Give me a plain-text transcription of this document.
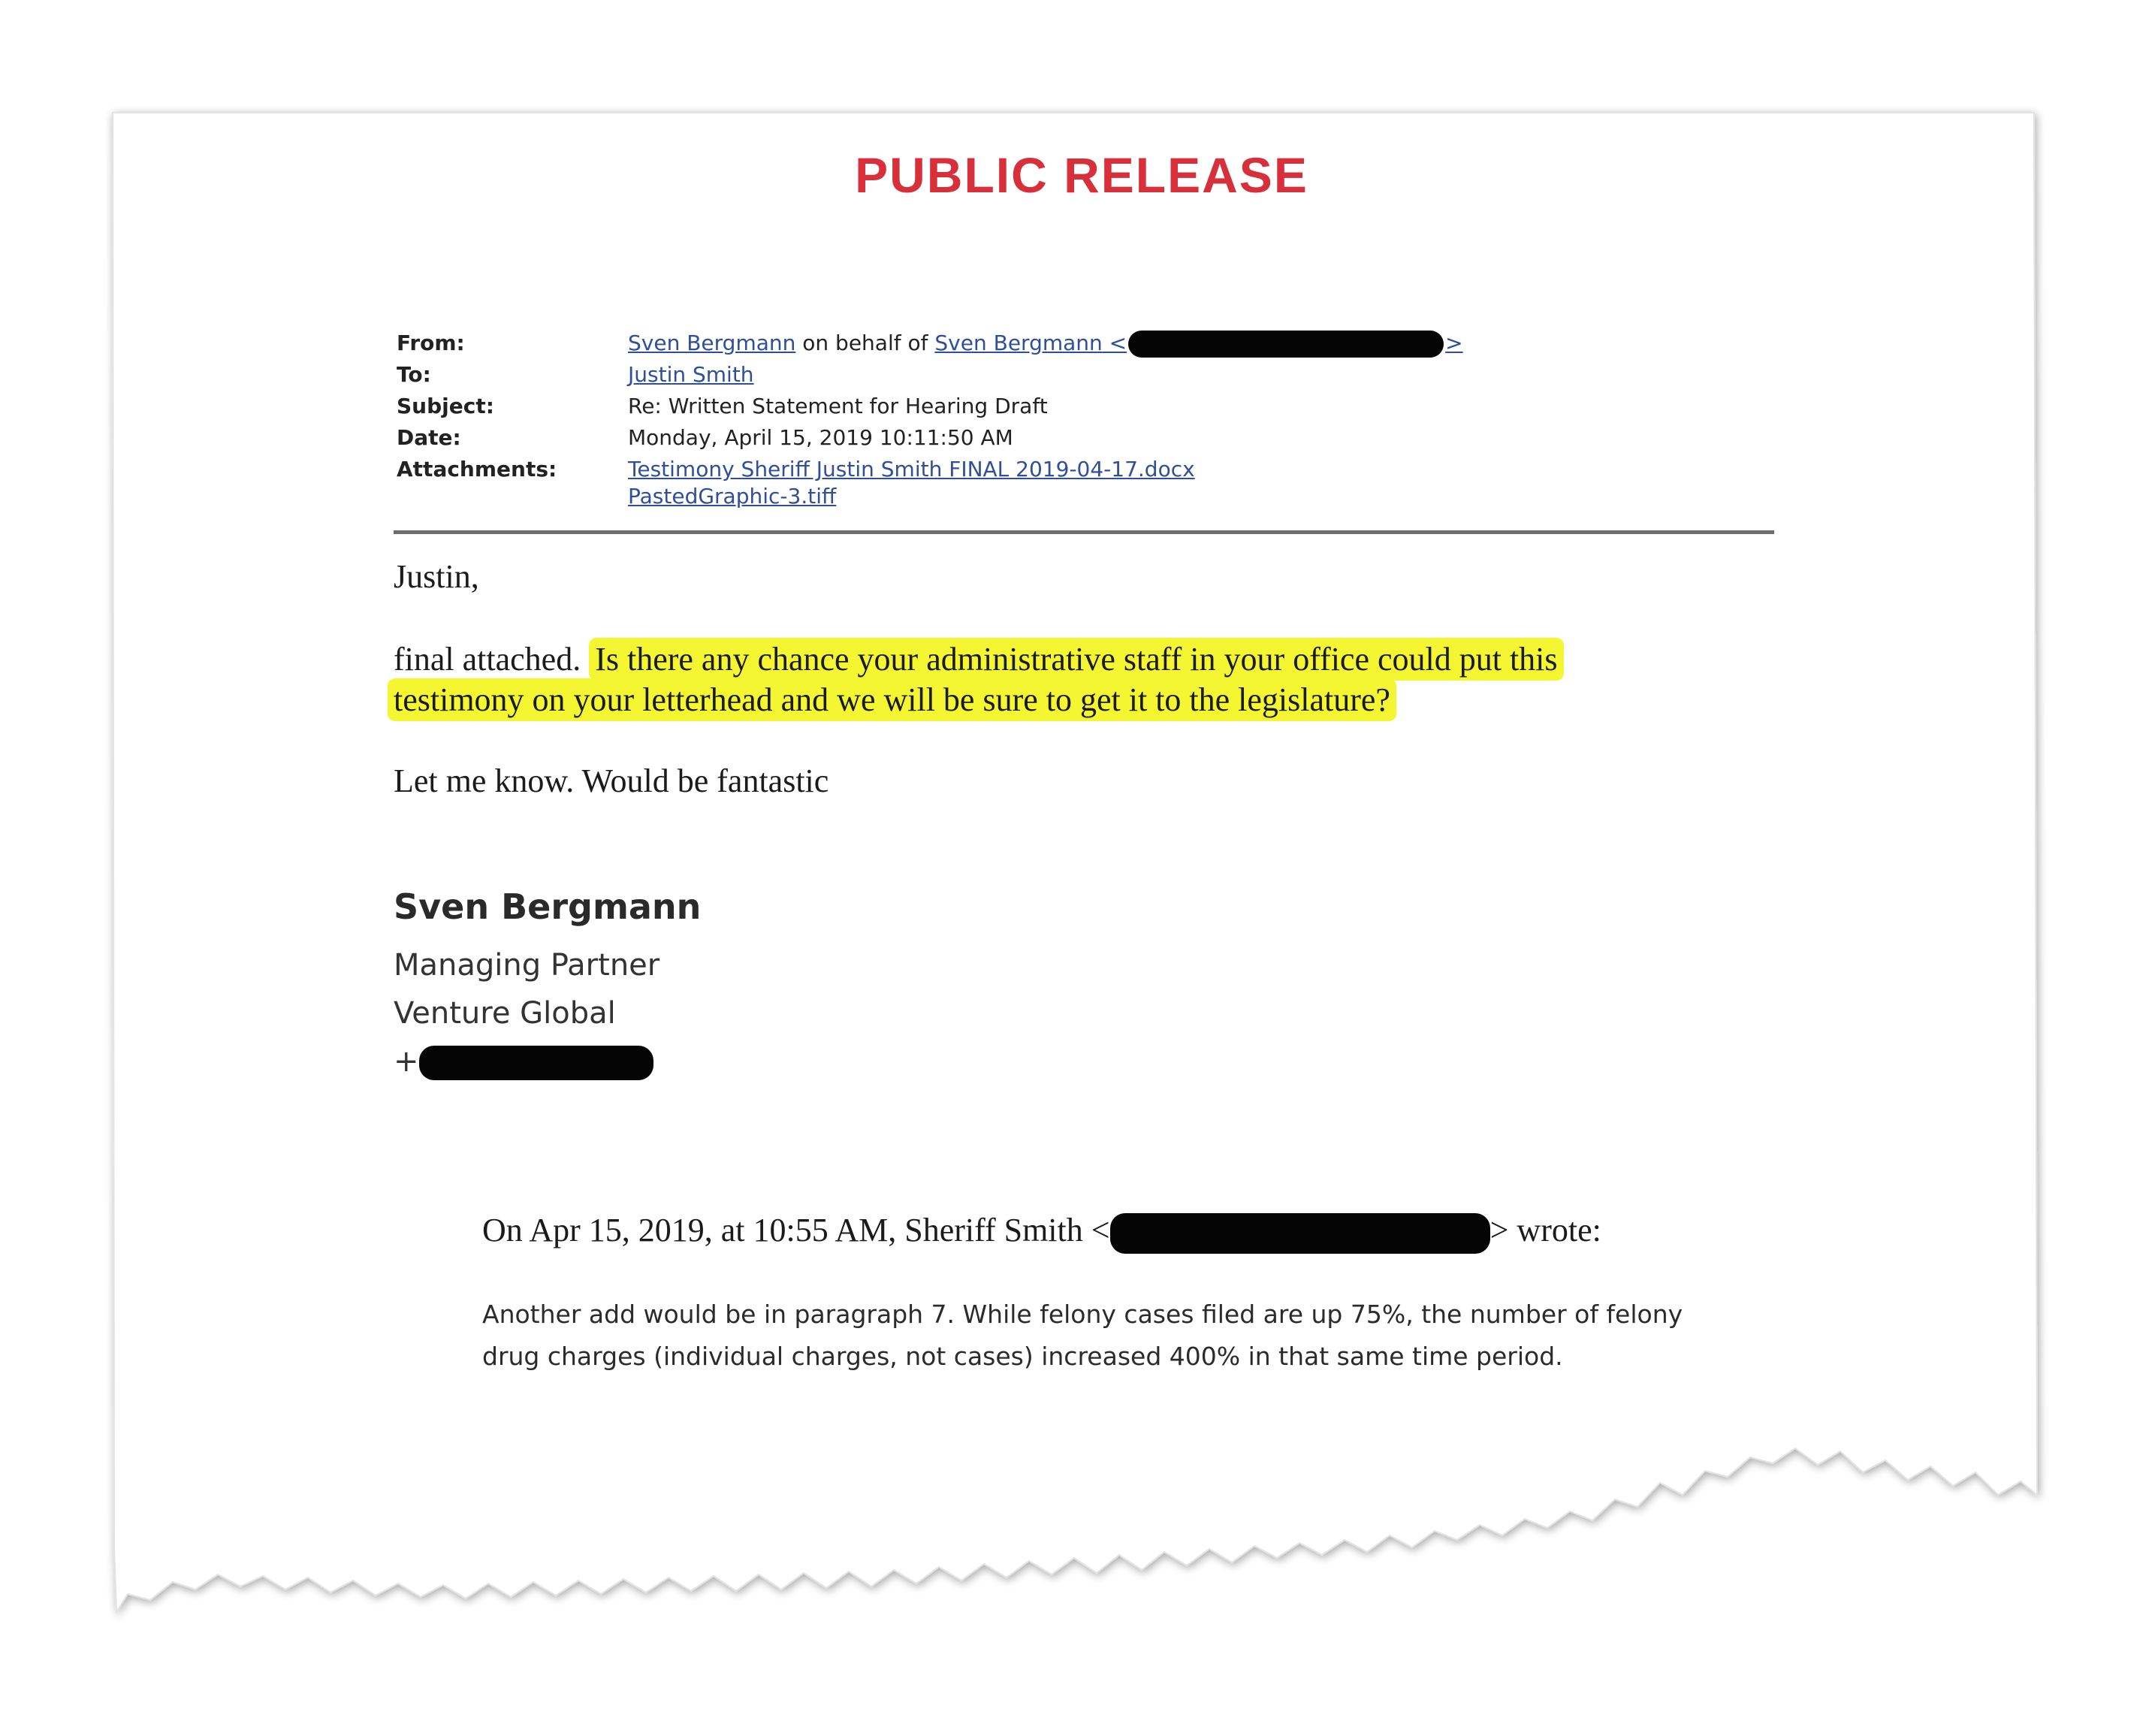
PUBLIC RELEASE
From:	Sven Bergmann on behalf of Sven Bergmann <	>
To:	Justin Smith
Subject:	Re: Written Statement for Hearing Draft
Date:	Monday, April 15, 2019 10:11:50 AM
Attachments:	Testimony Sheriff Justin Smith FINAL 2019-04-17.docx
PastedGraphic-3.tiff
Justin,
final attached. Is there any chance your administrative staff in your office could put this
testimony on your letterhead and we will be sure to get it to the legislature?
Let me know. Would be fantastic
Sven Bergmann
Managing Partner
Venture Global
+
On Apr 15, 2019, at 10:55 AM, Sheriff Smith <	> wrote:
Another add would be in paragraph 7. While felony cases filed are up 75%, the number of felony drug charges (individual charges, not cases) increased 400% in that same time period.
